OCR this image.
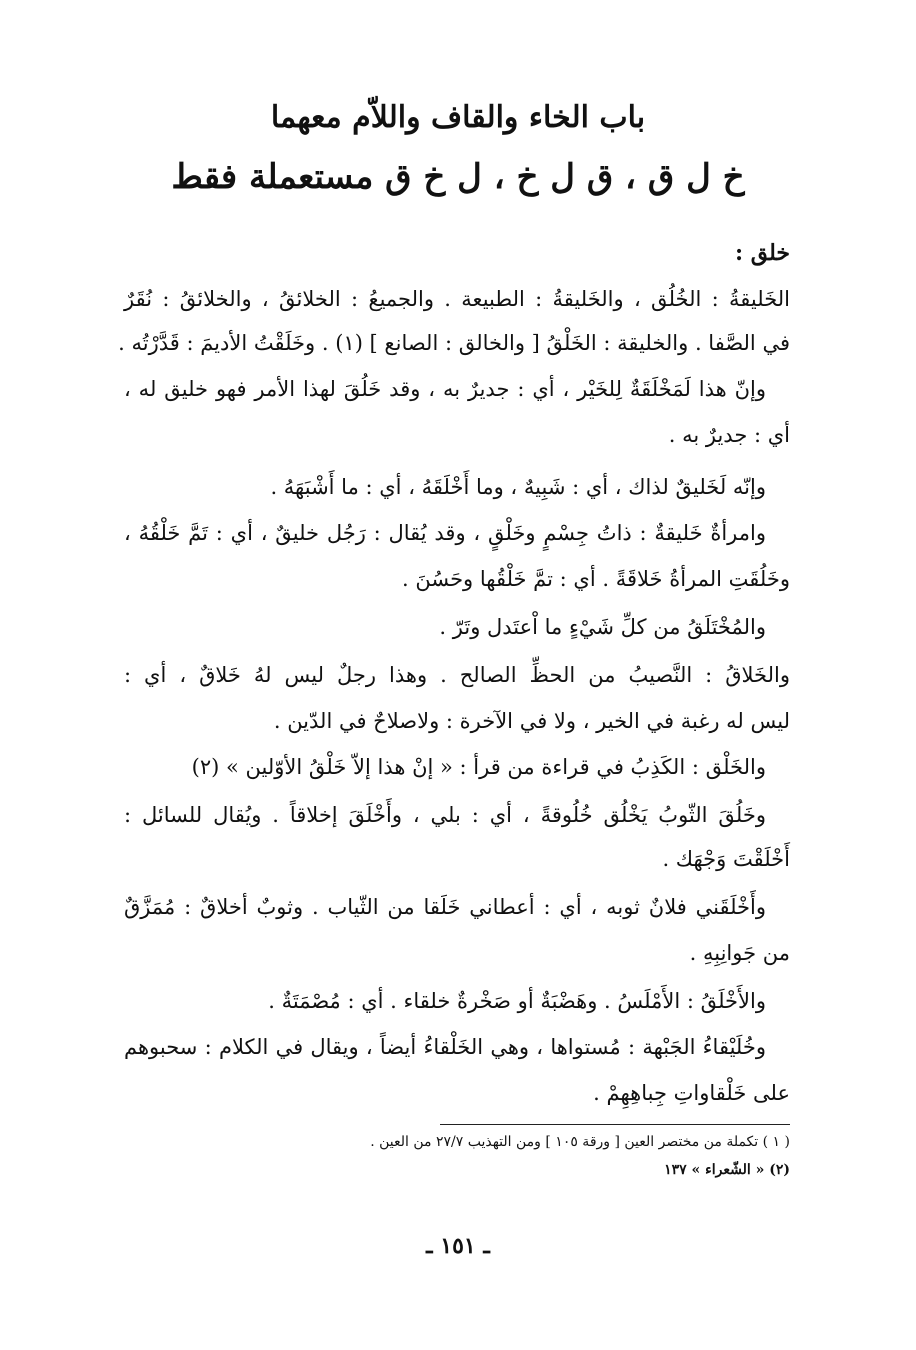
باب الخاء والقاف واللاّم معهما
خ ل ق ، ق ل خ ، ل خ ق مستعملة فقط
خلق :
الخَليقةُ : الخُلُق ، والخَليقةُ : الطبيعة . والجميعُ : الخلائقُ ، والخلائقُ : نُقَرٌ
في الصَّفا . والخليقة : الخَلْقُ [ والخالق : الصانع ] (١) . وخَلَقْتُ الأديمَ : قَدَّرْتُه .
وإنّ هذا لَمَخْلَقَةٌ لِلخَيْر ، أي : جديرٌ به ، وقد خَلُقَ لهذا الأمر فهو خليق له ،
أي : جديرٌ به .
وإنّه لَخَليقٌ لذاك ، أي : شَبِيهٌ ، وما أَخْلَقَهُ ، أي : ما أَشْبَهَهُ .
وامرأةٌ خَليقةٌ : ذاتُ جِسْمٍ وخَلْقٍ ، وقد يُقال : رَجُل خليقٌ ، أي : تَمَّ خَلْقُهُ ،
وخَلُقَتِ المرأةُ خَلاقَةً . أي : تمَّ خَلْقُها وحَسُنَ .
والمُخْتَلَقُ من كلِّ شَيْءٍ ما اْعتَدل وتَرّ .
والخَلاقُ : النَّصيبُ من الحظِّ الصالح . وهذا رجلٌ ليس لهُ خَلاقٌ ، أي :
ليس له رغبة في الخير ، ولا في الآخرة : ولاصلاحٌ في الدّين .
والخَلْق : الكَذِبُ في قراءة من قرأ : « إنْ هذا إلاّ خَلْقُ الأوّلين » (٢)
وخَلُقَ الثّوبُ يَخْلُق خُلُوقةً ، أي : بلي ، وأَخْلَقَ إخلاقاً . ويُقال للسائل :
أَخْلَقْتَ وَجْهَك .
وأَخْلَقَني فلانٌ ثوبه ، أي : أعطاني خَلَقا من الثّياب . وثوبٌ أخلاقٌ : مُمَزَّقٌ
من جَوانِبِهِ .
والأَخْلَقُ : الأَمْلَسُ . وهَضْبَةٌ أو صَخْرةٌ خلقاء . أي : مُصْمَتَةٌ .
وخُلَيْقاءُ الجَبْهة : مُستواها ، وهي الخَلْقاءُ أيضاً ، ويقال في الكلام : سحبوهم
على خَلْقاواتِ جِباهِهِمْ .
( ١ ) تكملة من مختصر العين [ ورقة ١٠٥ ] ومن التهذيب ٢٧/٧ من العين .
(٢) « الشّعراء » ١٣٧
ـ ١٥١ ـ
